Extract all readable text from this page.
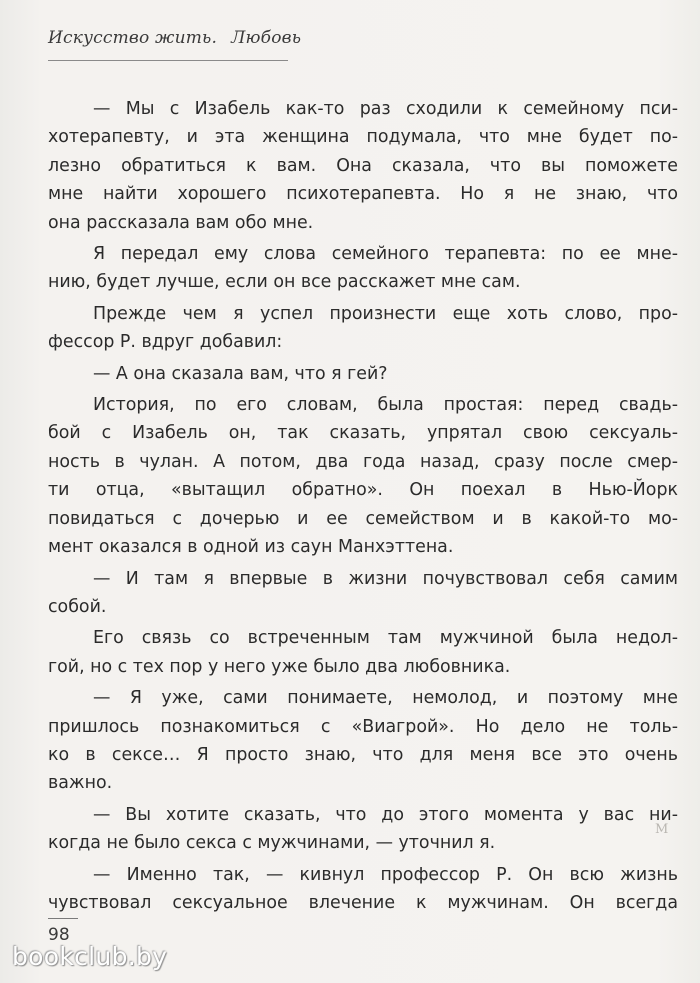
Искусство жить. Любовь
— Мы с Изабель как-то раз сходили к семейному пси-
хотерапевту, и эта женщина подумала, что мне будет по-
лезно обратиться к вам. Она сказала, что вы поможете
мне найти хорошего психотерапевта. Но я не знаю, что
она рассказала вам обо мне.
Я передал ему слова семейного терапевта: по ее мне-
нию, будет лучше, если он все расскажет мне сам.
Прежде чем я успел произнести еще хоть слово, про-
фессор Р. вдруг добавил:
— А она сказала вам, что я гей?
История, по его словам, была простая: перед свадь-
бой с Изабель он, так сказать, упрятал свою сексуаль-
ность в чулан. А потом, два года назад, сразу после смер-
ти отца, «вытащил обратно». Он поехал в Нью-Йорк
повидаться с дочерью и ее семейством и в какой-то мо-
мент оказался в одной из саун Манхэттена.
— И там я впервые в жизни почувствовал себя самим
собой.
Его связь со встреченным там мужчиной была недол-
гой, но с тех пор у него уже было два любовника.
— Я уже, сами понимаете, немолод, и поэтому мне
пришлось познакомиться с «Виагрой». Но дело не толь-
ко в сексе… Я просто знаю, что для меня все это очень
важно.
— Вы хотите сказать, что до этого момента у вас ни-
когда не было секса с мужчинами, — уточнил я.
— Именно так, — кивнул профессор Р. Он всю жизнь
чувствовал сексуальное влечение к мужчинам. Он всегда
М
98
bookclub.by
